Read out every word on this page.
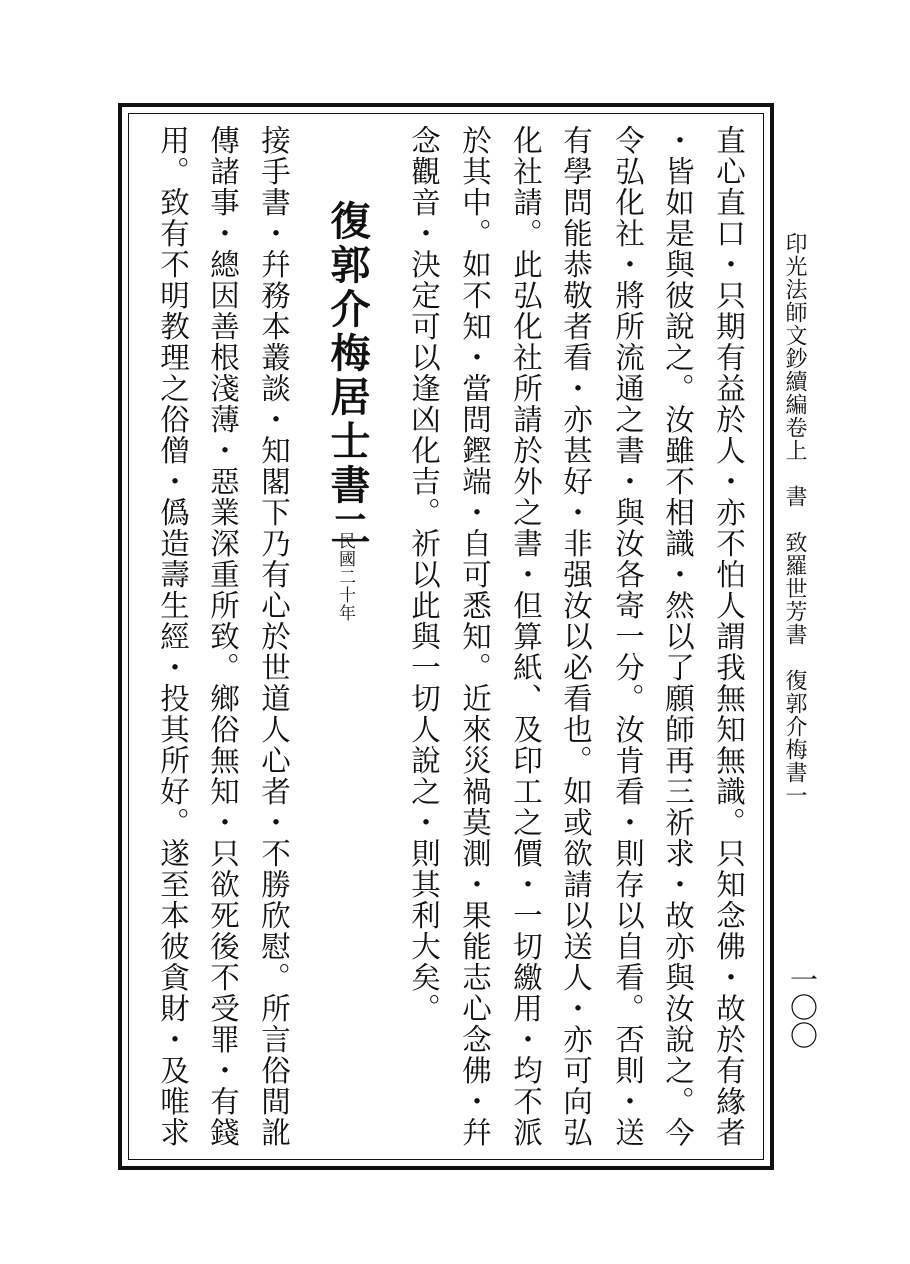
印光法師文鈔續編卷上　書　致羅世芳書　復郭介梅書一
一〇〇
直心直口・只期有益於人・亦不怕人謂我無知無識。只知念佛・故於有緣者
・皆如是與彼說之。汝雖不相識・然以了願師再三祈求・故亦與汝說之。今
令弘化社・將所流通之書・與汝各寄一分。汝肯看・則存以自看。否則・送
有學問能恭敬者看・亦甚好・非强汝以必看也。如或欲請以送人・亦可向弘
化社請。此弘化社所請於外之書・但算紙、及印工之價・一切繳用・均不派
於其中。如不知・當問鏗端・自可悉知。近來災禍莫測・果能志心念佛・幷
念觀音・決定可以逢凶化吉。祈以此與一切人說之・則其利大矣。
復郭介梅居士書二
民國二十年
接手書・幷務本叢談・知閣下乃有心於世道人心者・不勝欣慰。所言俗間訛
傳諸事・總因善根淺薄・惡業深重所致。鄉俗無知・只欲死後不受罪・有錢
用。致有不明教理之俗僧・僞造壽生經・投其所好。遂至本彼貪財・及唯求
